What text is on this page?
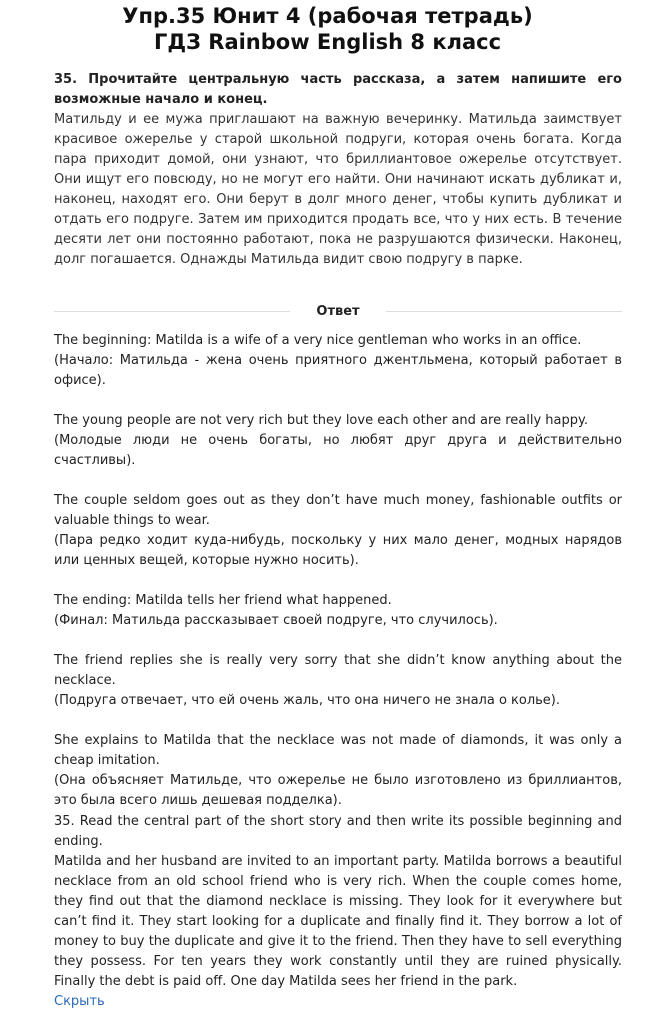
Упр.35 Юнит 4 (рабочая тетрадь)
ГДЗ Rainbow English 8 класс

35. Прочитайте центральную часть рассказа, а затем напишите его возможные начало и конец.

Матильду и ее мужа приглашают на важную вечеринку. Матильда заимствует красивое ожерелье у старой школьной подруги, которая очень богата. Когда пара приходит домой, они узнают, что бриллиантовое ожерелье отсутствует. Они ищут его повсюду, но не могут его найти. Они начинают искать дубликат и, наконец, находят его. Они берут в долг много денег, чтобы купить дубликат и отдать его подруге. Затем им приходится продать все, что у них есть. В течение десяти лет они постоянно работают, пока не разрушаются физически. Наконец, долг погашается. Однажды Матильда видит свою подругу в парке.

Ответ
The beginning: Matilda is a wife of a very nice gentleman who works in an office.
(Начало: Матильда - жена очень приятного джентльмена, который работает в офисе).
The young people are not very rich but they love each other and are really happy.
(Молодые люди не очень богаты, но любят друг друга и действительно счастливы).
The couple seldom goes out as they don’t have much money, fashionable outfits or valuable things to wear.
(Пара редко ходит куда-нибудь, поскольку у них мало денег, модных нарядов или ценных вещей, которые нужно носить).
The ending: Matilda tells her friend what happened.
(Финал: Матильда рассказывает своей подруге, что случилось).
The friend replies she is really very sorry that she didn’t know anything about the necklace.
(Подруга отвечает, что ей очень жаль, что она ничего не знала о колье).
She explains to Matilda that the necklace was not made of diamonds, it was only a cheap imitation.
(Она объясняет Матильде, что ожерелье не было изготовлено из бриллиантов, это была всего лишь дешевая подделка).

35. Read the central part of the short story and then write its possible beginning and ending.

Matilda and her husband are invited to an important party. Matilda borrows a beautiful necklace from an old school friend who is very rich. When the couple comes home, they find out that the diamond necklace is missing. They look for it everywhere but can’t find it. They start looking for a duplicate and finally find it. They borrow a lot of money to buy the duplicate and give it to the friend. Then they have to sell everything they possess. For ten years they work constantly until they are ruined physically. Finally the debt is paid off. One day Matilda sees her friend in the park.

Скрыть
